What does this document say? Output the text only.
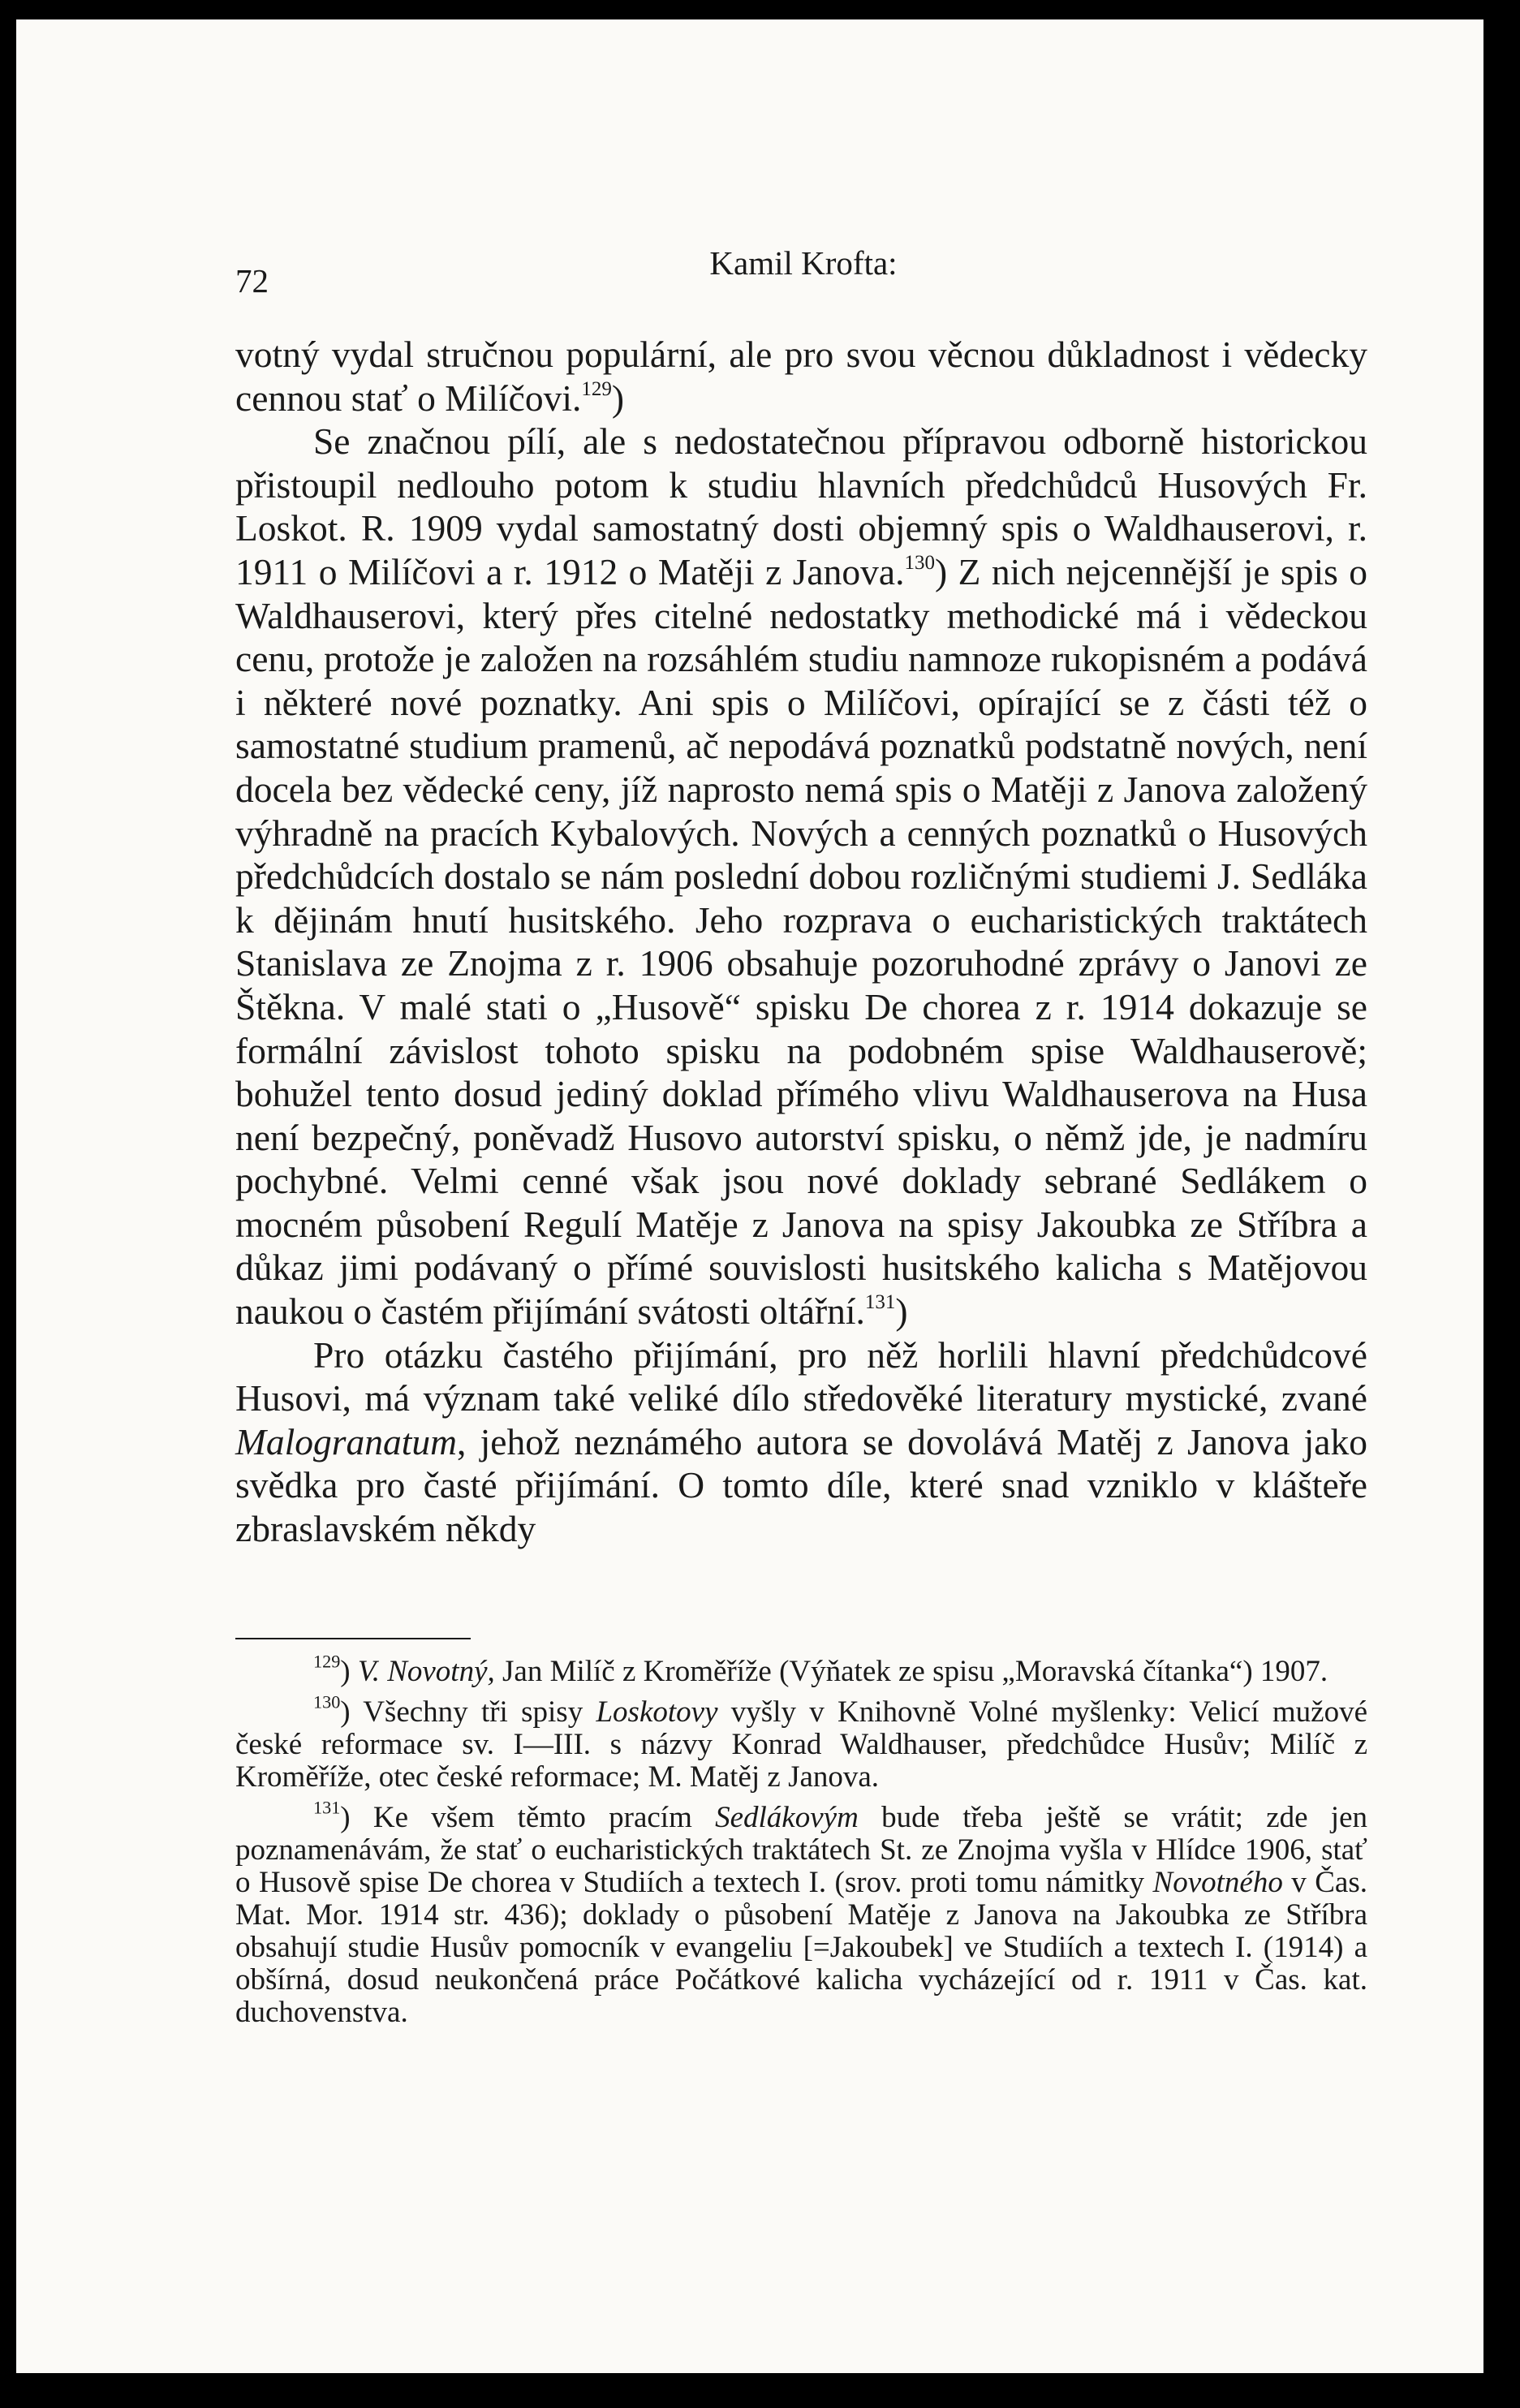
72	Kamil Krofta:

votný vydal stručnou populární, ale pro svou věcnou důkladnost i vědecky cennou stať o Milíčovi.$^{129}$)

Se značnou pílí, ale s nedostatečnou přípravou odborně historickou přistoupil nedlouho potom k studiu hlavních předchůdců Husových Fr. Loskot. R. 1909 vydal samostatný dosti objemný spis o Waldhauserovi, r. 1911 o Milíčovi a r. 1912 o Matěji z Janova.$^{130}$) Z nich nejcennější je spis o Waldhauserovi, který přes citelné nedostatky methodické má i vědeckou cenu, protože je založen na rozsáhlém studiu namnoze rukopisném a podává i některé nové poznatky. Ani spis o Milíčovi, opírající se z části též o samostatné studium pramenů, ač nepodává poznatků podstatně nových, není docela bez vědecké ceny, jíž naprosto nemá spis o Matěji z Janova založený výhradně na pracích Kybalových. Nových a cenných poznatků o Husových předchůdcích dostalo se nám poslední dobou rozličnými studiemi J. Sedláka k dějinám hnutí husitského. Jeho rozprava o eucharistických traktátech Stanislava ze Znojma z r. 1906 obsahuje pozoruhodné zprávy o Janovi ze Štěkna. V malé stati o „Husově“ spisku De chorea z r. 1914 dokazuje se formální závislost tohoto spisku na podobném spise Waldhauserově; bohužel tento dosud jediný doklad přímého vlivu Waldhauserova na Husa není bezpečný, poněvadž Husovo autorství spisku, o němž jde, je nadmíru pochybné. Velmi cenné však jsou nové doklady sebrané Sedlákem o mocném působení Regulí Matěje z Janova na spisy Jakoubka ze Stříbra a důkaz jimi podávaný o přímé souvislosti husitského kalicha s Matějovou naukou o častém přijímání svátosti oltářní.$^{131}$)

Pro otázku častého přijímání, pro něž horlili hlavní předchůdcové Husovi, má význam také veliké dílo středověké literatury mystické, zvané Malogranatum, jehož neznámého autora se dovolává Matěj z Janova jako svědka pro časté přijímání. O tomto díle, které snad vzniklo v klášteře zbraslavském někdy

$^{129}$) V. Novotný, Jan Milíč z Kroměříže (Výňatek ze spisu „Moravská čítanka“) 1907.

$^{130}$) Všechny tři spisy Loskotovy vyšly v Knihovně Volné myšlenky: Velicí mužové české reformace sv. I—III. s názvy Konrad Waldhauser, předchůdce Husův; Milíč z Kroměříže, otec české reformace; M. Matěj z Janova.

$^{131}$) Ke všem těmto pracím Sedlákovým bude třeba ještě se vrátit; zde jen poznamenávám, že stať o eucharistických traktátech St. ze Znojma vyšla v Hlídce 1906, stať o Husově spise De chorea v Studiích a textech I. (srov. proti tomu námitky Novotného v Čas. Mat. Mor. 1914 str. 436); doklady o působení Matěje z Janova na Jakoubka ze Stříbra obsahují studie Husův pomocník v evangeliu [=Jakoubek] ve Studiích a textech I. (1914) a obšírná, dosud neukončená práce Počátkové kalicha vycházející od r. 1911 v Čas. kat. duchovenstva.
